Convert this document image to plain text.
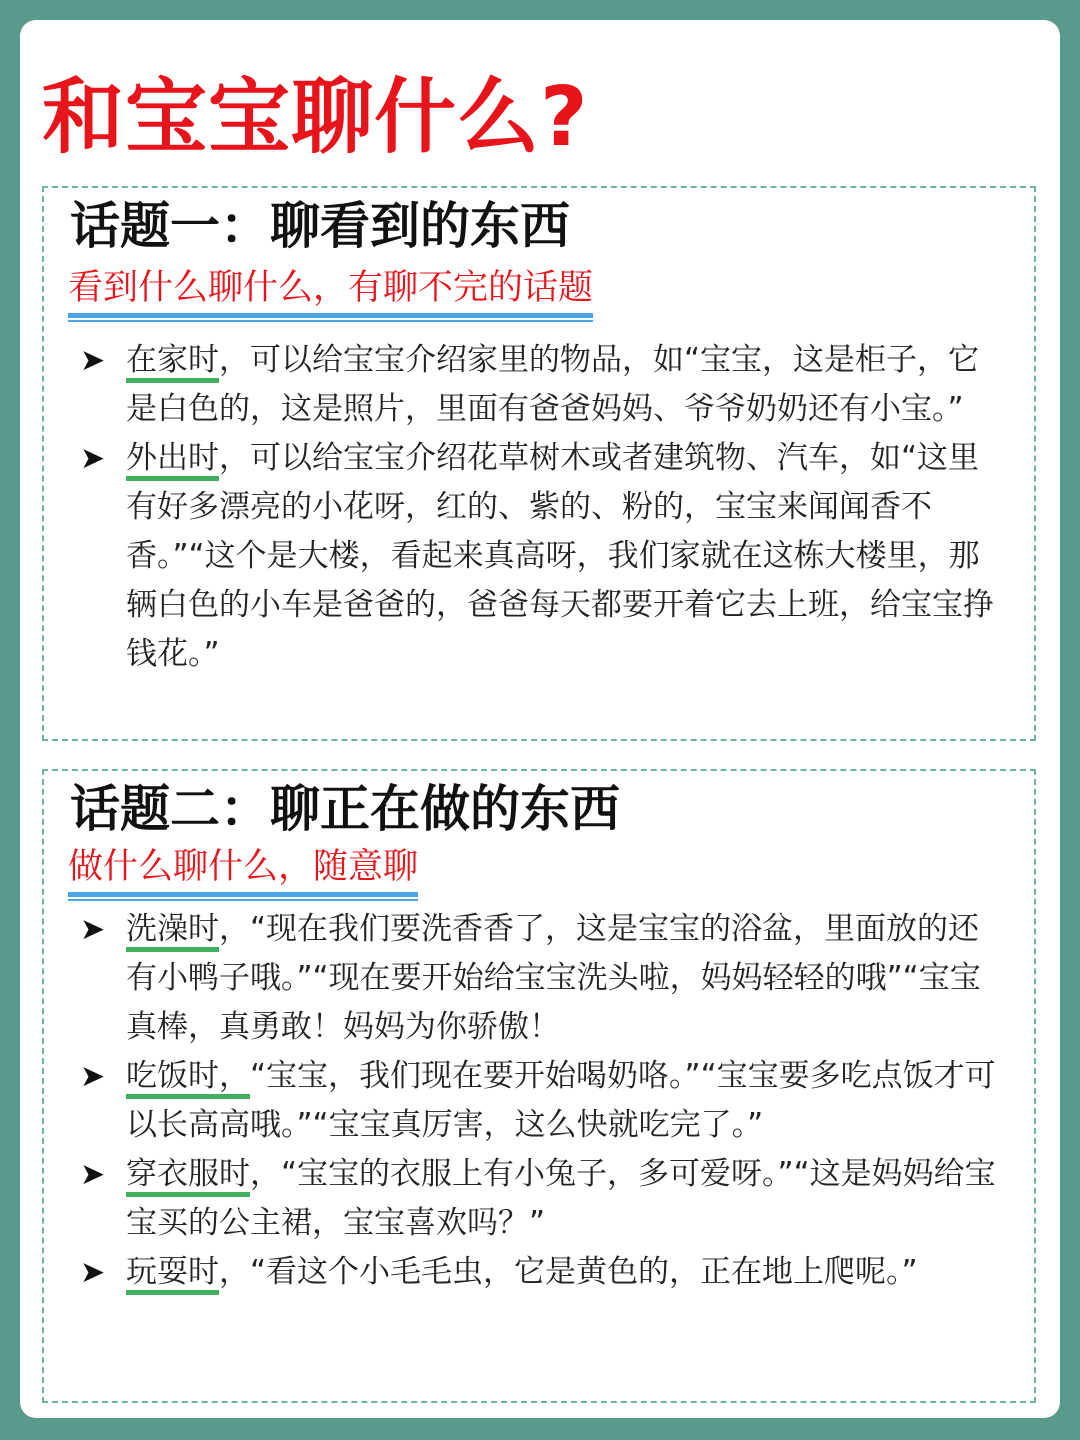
和宝宝聊什么?
话题一：聊看到的东西
看到什么聊什么，有聊不完的话题
➤ 在家时，可以给宝宝介绍家里的物品，如“宝宝，这是柜子，它是白色的，这是照片，里面有爸爸妈妈、爷爷奶奶还有小宝。”
➤ 外出时，可以给宝宝介绍花草树木或者建筑物、汽车，如“这里有好多漂亮的小花呀，红的、紫的、粉的，宝宝来闻闻香不香。”“这个是大楼，看起来真高呀，我们家就在这栋大楼里，那辆白色的小车是爸爸的，爸爸每天都要开着它去上班，给宝宝挣钱花。”
话题二：聊正在做的东西
做什么聊什么，随意聊
➤ 洗澡时，“现在我们要洗香香了，这是宝宝的浴盆，里面放的还有小鸭子哦。”“现在要开始给宝宝洗头啦，妈妈轻轻的哦”“宝宝真棒，真勇敢！妈妈为你骄傲！
➤ 吃饭时，“宝宝，我们现在要开始喝奶咯。”“宝宝要多吃点饭才可以长高高哦。”“宝宝真厉害，这么快就吃完了。”
➤ 穿衣服时，“宝宝的衣服上有小兔子，多可爱呀。”“这是妈妈给宝宝买的公主裙，宝宝喜欢吗？”
➤ 玩耍时，“看这个小毛毛虫，它是黄色的，正在地上爬呢。”
